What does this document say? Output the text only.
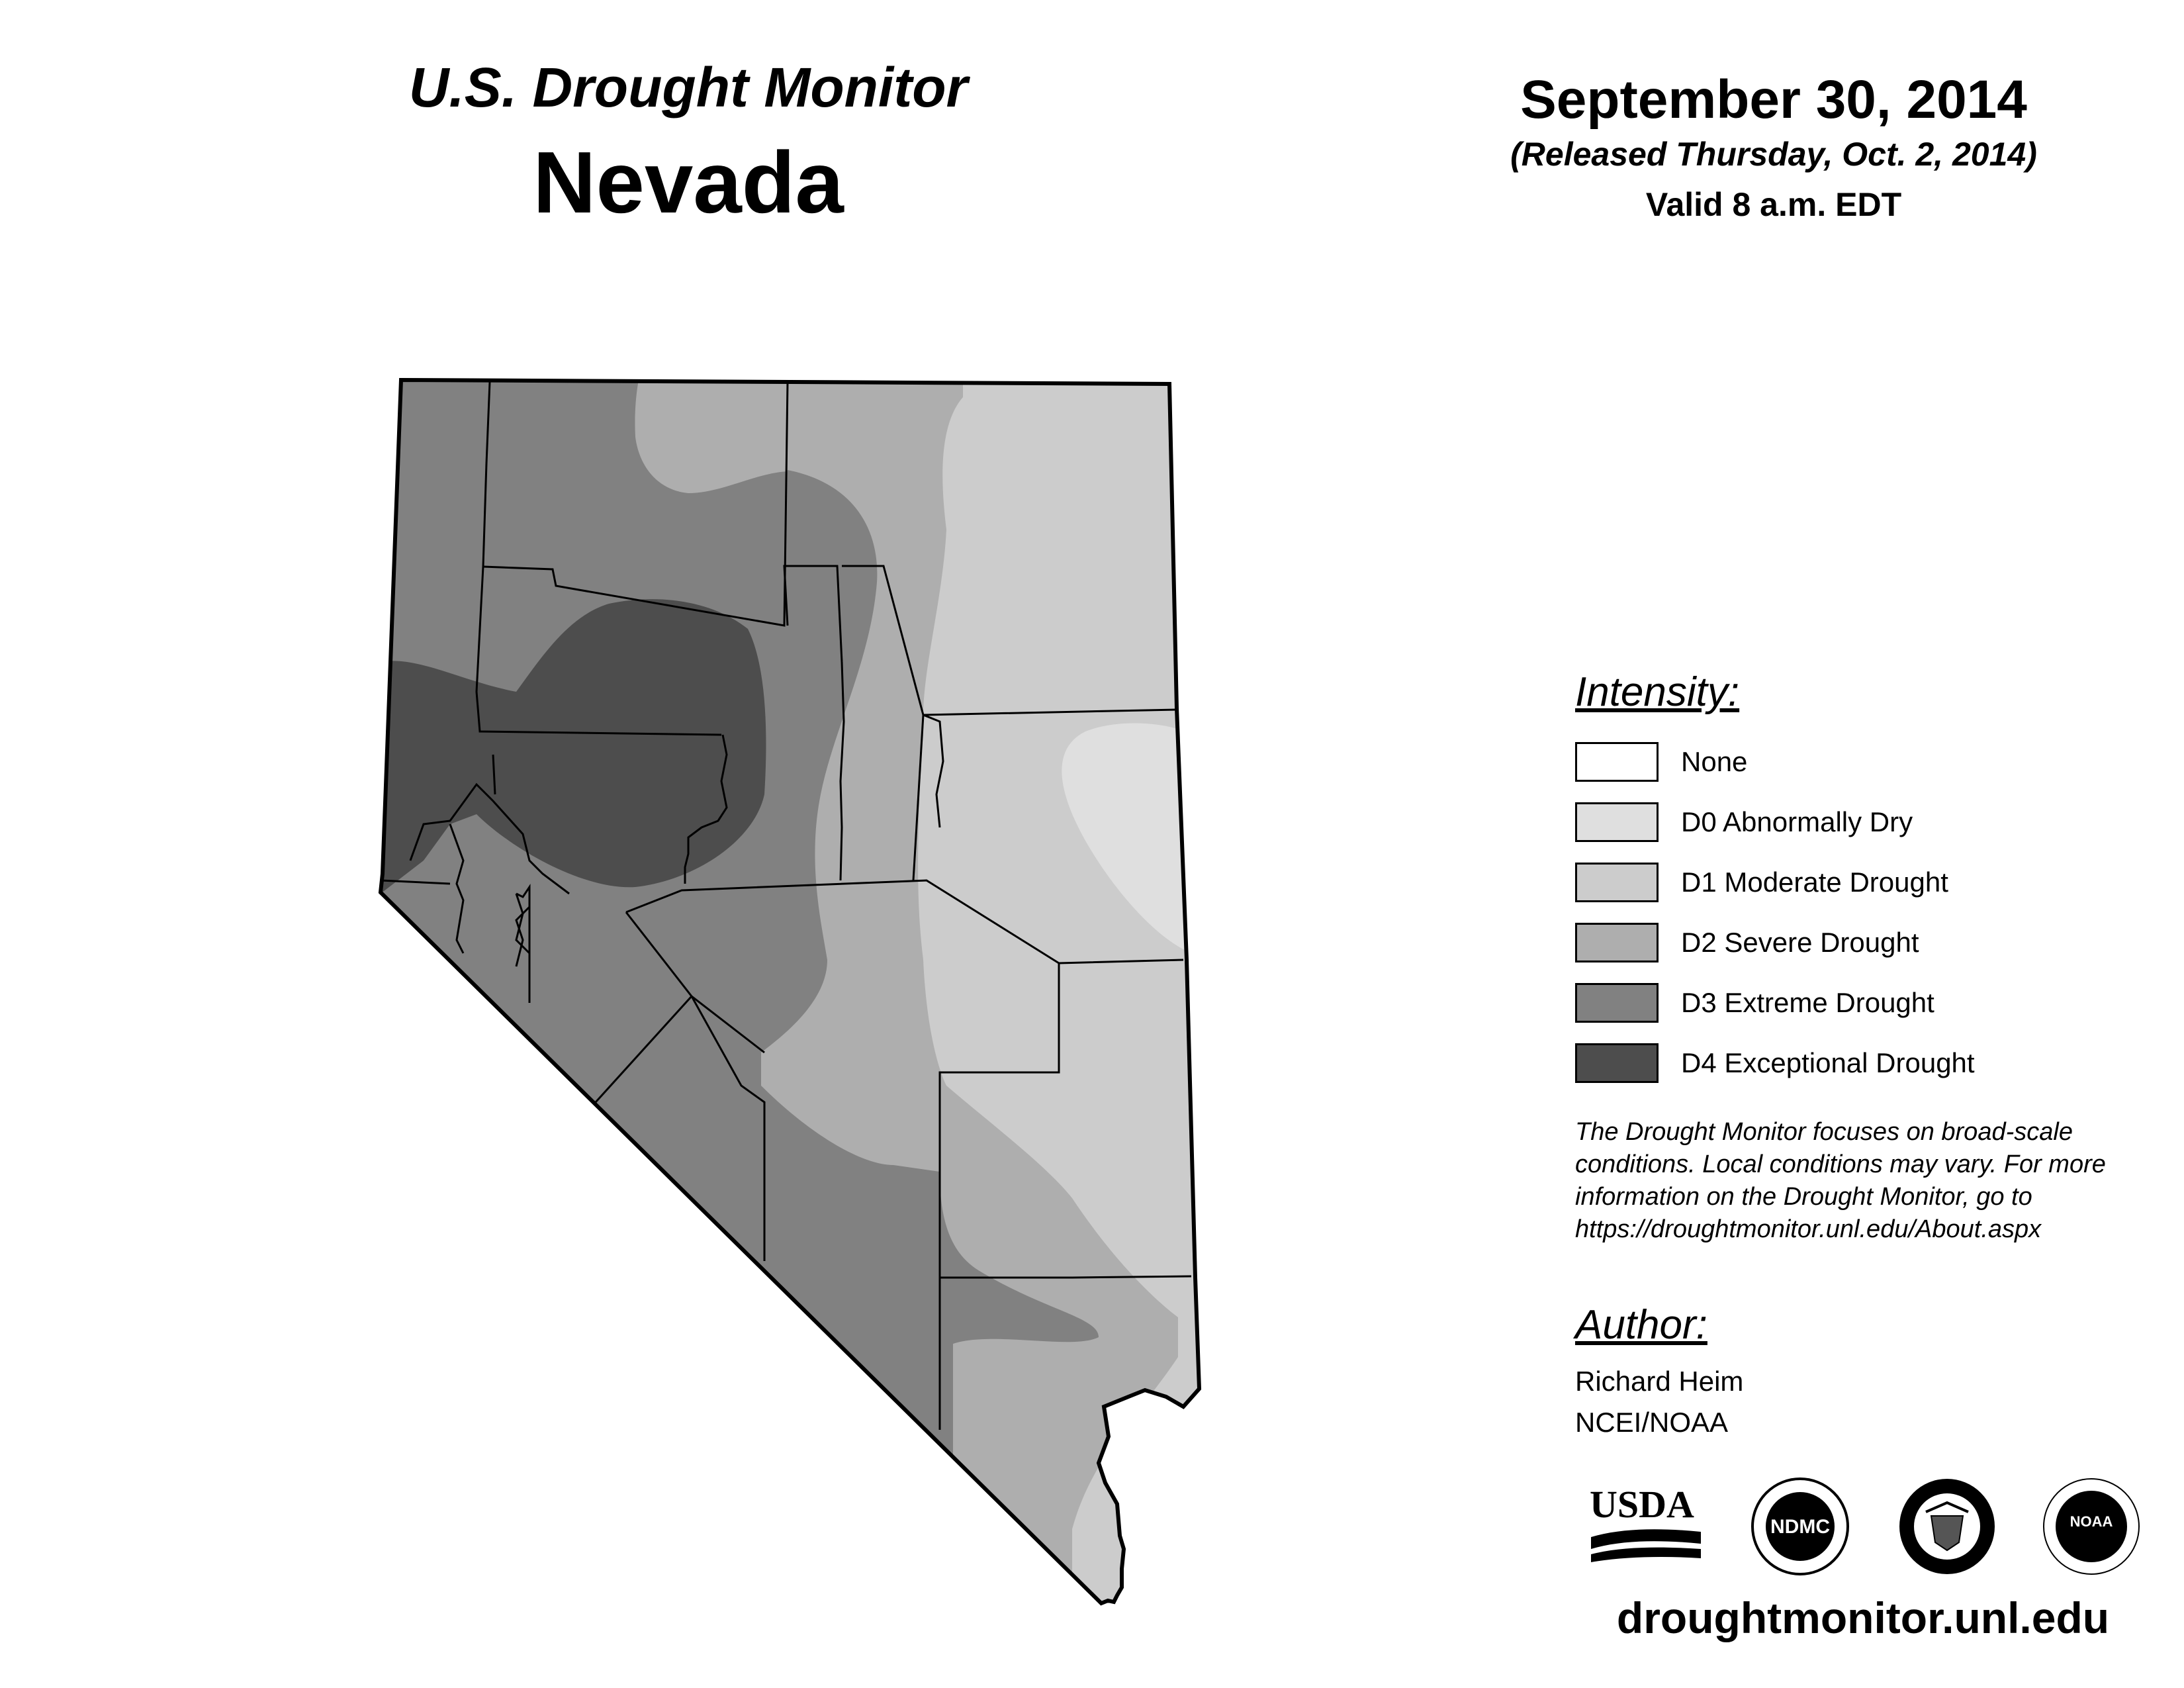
U.S. Drought Monitor
Nevada
September 30, 2014
(Released Thursday, Oct. 2, 2014)
Valid 8 a.m. EDT
Intensity:
None
D0 Abnormally Dry
D1 Moderate Drought
D2 Severe Drought
D3 Extreme Drought
D4 Exceptional Drought
The Drought Monitor focuses on broad-scale conditions. Local conditions may vary. For more information on the Drought Monitor, go to https://droughtmonitor.unl.edu/About.aspx
Author:
Richard Heim
NCEI/NOAA
USDA
NDMC	NOAA
droughtmonitor.unl.edu
